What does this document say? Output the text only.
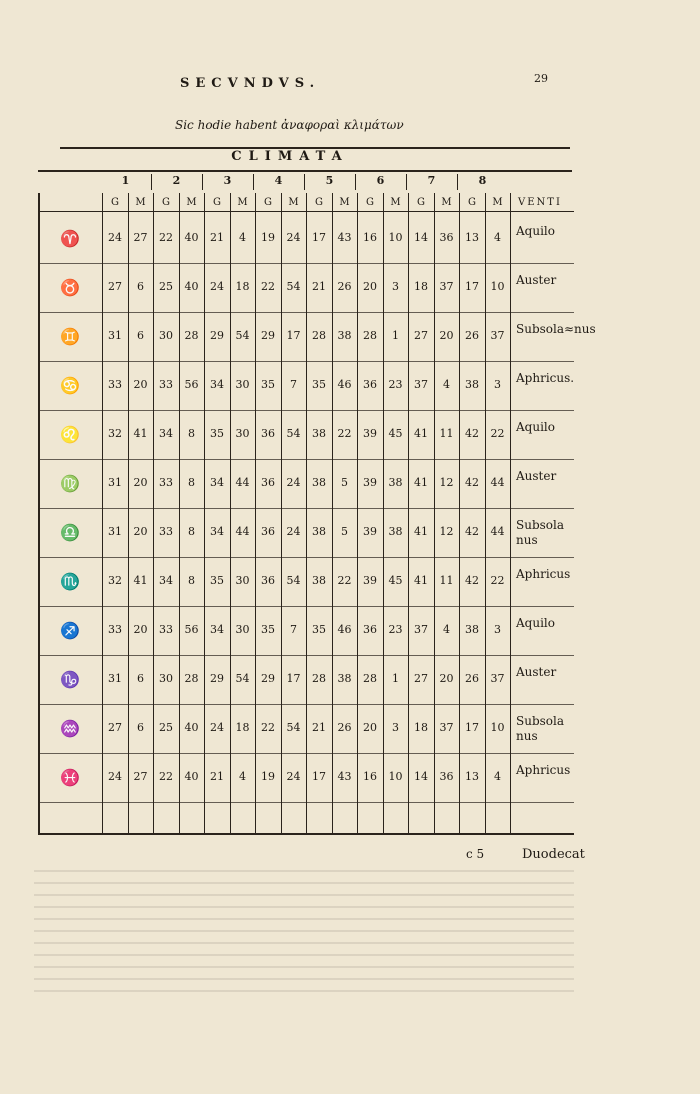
SECVNDVS.	29
Sic hodie habent ἀναφοραὶ κλιμάτων
CLIMATA
1	2	3	4	5	6	7	8
VENTI
G	M	G	M	G	M	G	M	G	M	G	M	G	M	G	M
♈	24	27	22	40	21	4	19	24	17	43	16	10	14	36	13	4	Aquilo
♉	27	6	25	40	24	18	22	54	21	26	20	3	18	37	17	10 Auster
♊	31	6	30	28	29	54	29	17	28	38	28	1	27	20	26	37 Subsola≈nus
♋	33	20	33	56	34	30	35	7	35	46	36	23	37	4	38	3	Aphricus.
♌	32	41	34	8	35	30	36	54	38	22	39	45	41	11	42	22 Aquilo
♍	31	20	33	8	34	44	36	24	38	5	39	38	41	12	42	44 Auster
♎	31	20	33	8	34	44	36	24	38	5	39	38	41	12	42	44 Subsola nus
♏	32	41	34	8	35	30	36	54	38	22	39	45	41	11	42	22 Aphricus
♐	33	20	33	56	34	30	35	7	35	46	36	23	37	4	38	3	Aquilo
♑	31	6	30	28	29	54	29	17	28	38	28	1	27	20	26	37 Auster
♒	27	6	25	40	24	18	22	54	21	26	20	3	18	37	17	10 Subsola nus
♓	24	27	22	40	21	4	19	24	17	43	16	10	14	36	13	4	Aphricus
c 5	Duodecat
